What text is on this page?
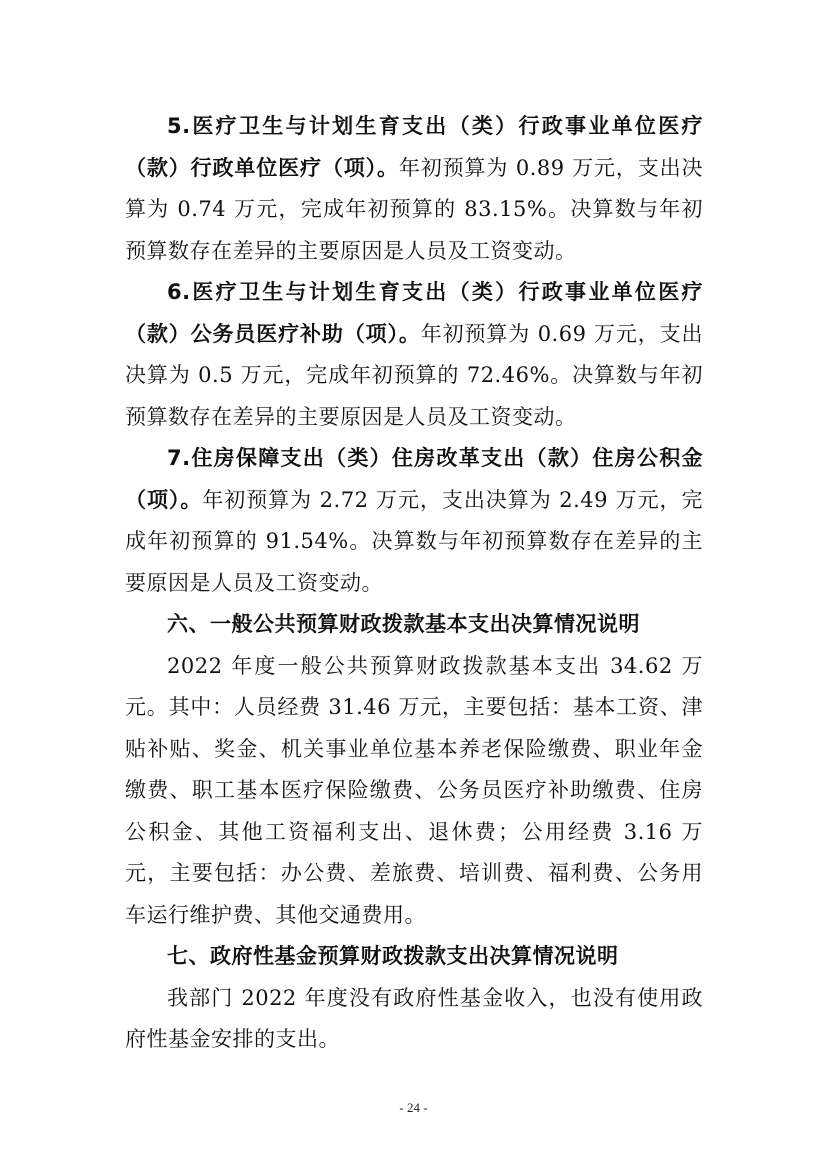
5.医疗卫生与计划生育支出（类）行政事业单位医疗（款）行政单位医疗（项）。年初预算为 0.89 万元，支出决算为 0.74 万元，完成年初预算的 83.15%。决算数与年初预算数存在差异的主要原因是人员及工资变动。

6.医疗卫生与计划生育支出（类）行政事业单位医疗（款）公务员医疗补助（项）。年初预算为 0.69 万元，支出决算为 0.5 万元，完成年初预算的 72.46%。决算数与年初预算数存在差异的主要原因是人员及工资变动。

7.住房保障支出（类）住房改革支出（款）住房公积金（项）。年初预算为 2.72 万元，支出决算为 2.49 万元，完成年初预算的 91.54%。决算数与年初预算数存在差异的主要原因是人员及工资变动。

六、一般公共预算财政拨款基本支出决算情况说明

2022 年度一般公共预算财政拨款基本支出 34.62 万元。其中：人员经费 31.46 万元，主要包括：基本工资、津贴补贴、奖金、机关事业单位基本养老保险缴费、职业年金缴费、职工基本医疗保险缴费、公务员医疗补助缴费、住房公积金、其他工资福利支出、退休费；公用经费 3.16 万元，主要包括：办公费、差旅费、培训费、福利费、公务用车运行维护费、其他交通费用。

七、政府性基金预算财政拨款支出决算情况说明

我部门 2022 年度没有政府性基金收入，也没有使用政府性基金安排的支出。

- 24 -
